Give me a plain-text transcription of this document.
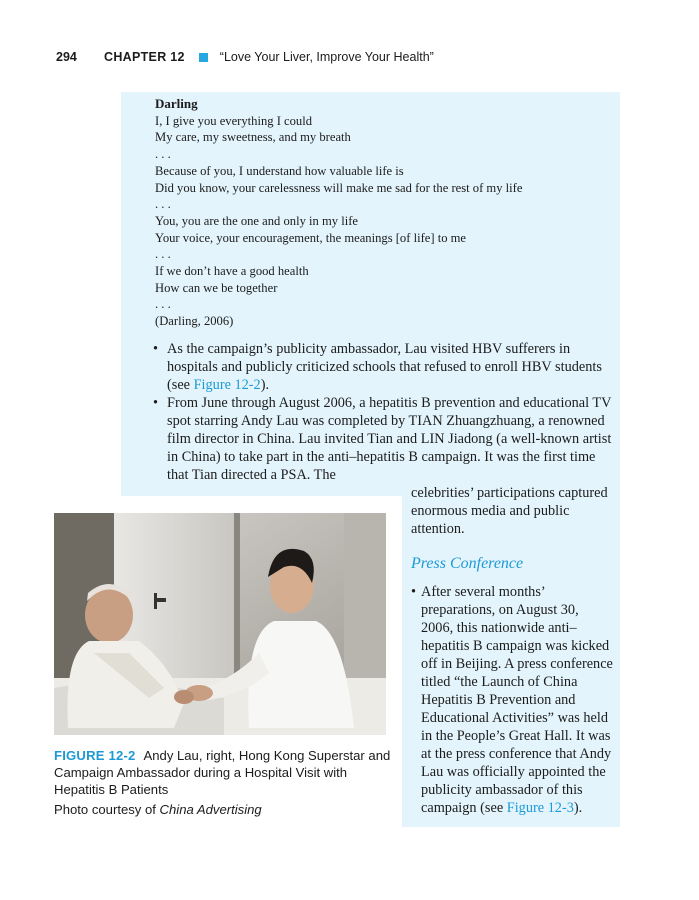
294	CHAPTER 12	“Love Your Liver, Improve Your Health”
Darling
I, I give you everything I could
My care, my sweetness, and my breath
. . .
Because of you, I understand how valuable life is
Did you know, your carelessness will make me sad for the rest of my life
. . .
You, you are the one and only in my life
Your voice, your encouragement, the meanings [of life] to me
. . .
If we don’t have a good health
How can we be together
. . .
(Darling, 2006)
• As the campaign’s publicity ambassador, Lau visited HBV sufferers in hospitals and publicly criticized schools that refused to enroll HBV students (see Figure 12-2).
• From June through August 2006, a hepatitis B prevention and educational TV spot starring Andy Lau was completed by TIAN Zhuangzhuang, a renowned film director in China. Lau invited Tian and LIN Jiadong (a well-known artist in China) to take part in the anti–hepatitis B campaign. It was the first time that Tian directed a PSA. The
celebrities’ participations captured enormous media and public attention.
FIGURE 12-2 Andy Lau, right, Hong Kong Superstar and Campaign Ambassador during a Hospital Visit with Hepatitis B Patients
Photo courtesy of China Advertising
Press Conference
• After several months’ preparations, on August 30, 2006, this nationwide anti–hepatitis B campaign was kicked off in Beijing. A press conference titled “the Launch of China Hepatitis B Prevention and Educational Activities” was held in the People’s Great Hall. It was at the press conference that Andy Lau was officially appointed the publicity ambassador of this campaign (see Figure 12-3).
